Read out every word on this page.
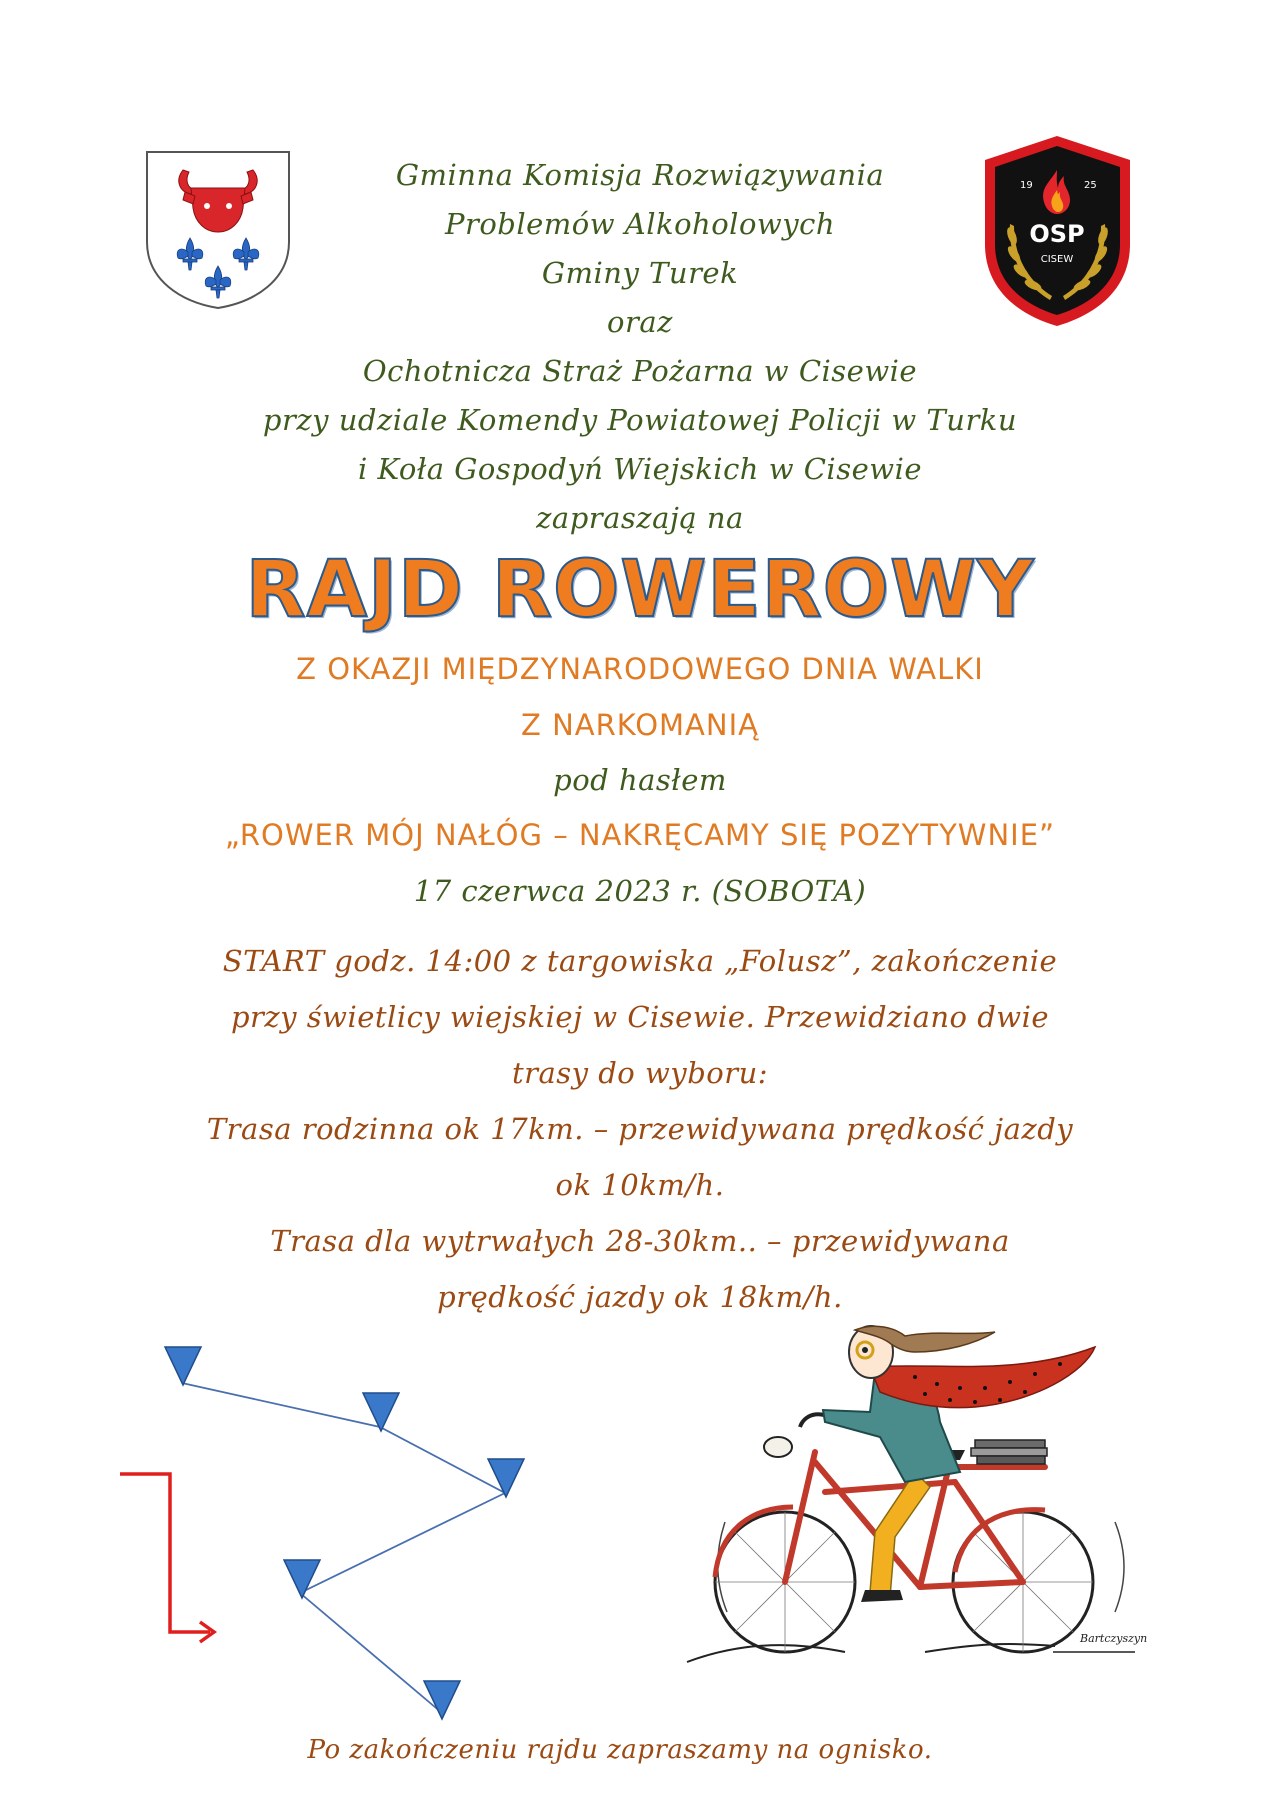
19	25
OSP
CISEW
Gminna Komisja Rozwiązywania
Problemów Alkoholowych
Gminy Turek
oraz
Ochotnicza Straż Pożarna w Cisewie
przy udziale Komendy Powiatowej Policji w Turku
i Koła Gospodyń Wiejskich w Cisewie
zapraszają na
RAJD ROWEROWY
Z OKAZJI MIĘDZYNARODOWEGO DNIA WALKI
Z NARKOMANIĄ
pod hasłem
„ROWER MÓJ NAŁÓG – NAKRĘCAMY SIĘ POZYTYWNIE”
17 czerwca 2023 r. (SOBOTA)
START godz. 14:00 z targowiska „Folusz”, zakończenie
przy świetlicy wiejskiej w Cisewie. Przewidziano dwie
trasy do wyboru:
Trasa rodzinna ok 17km. – przewidywana prędkość jazdy
ok 10km/h.
Trasa dla wytrwałych 28-30km.. – przewidywana
prędkość jazdy ok 18km/h.
Bartczyszyn
Po zakończeniu rajdu zapraszamy na ognisko.
